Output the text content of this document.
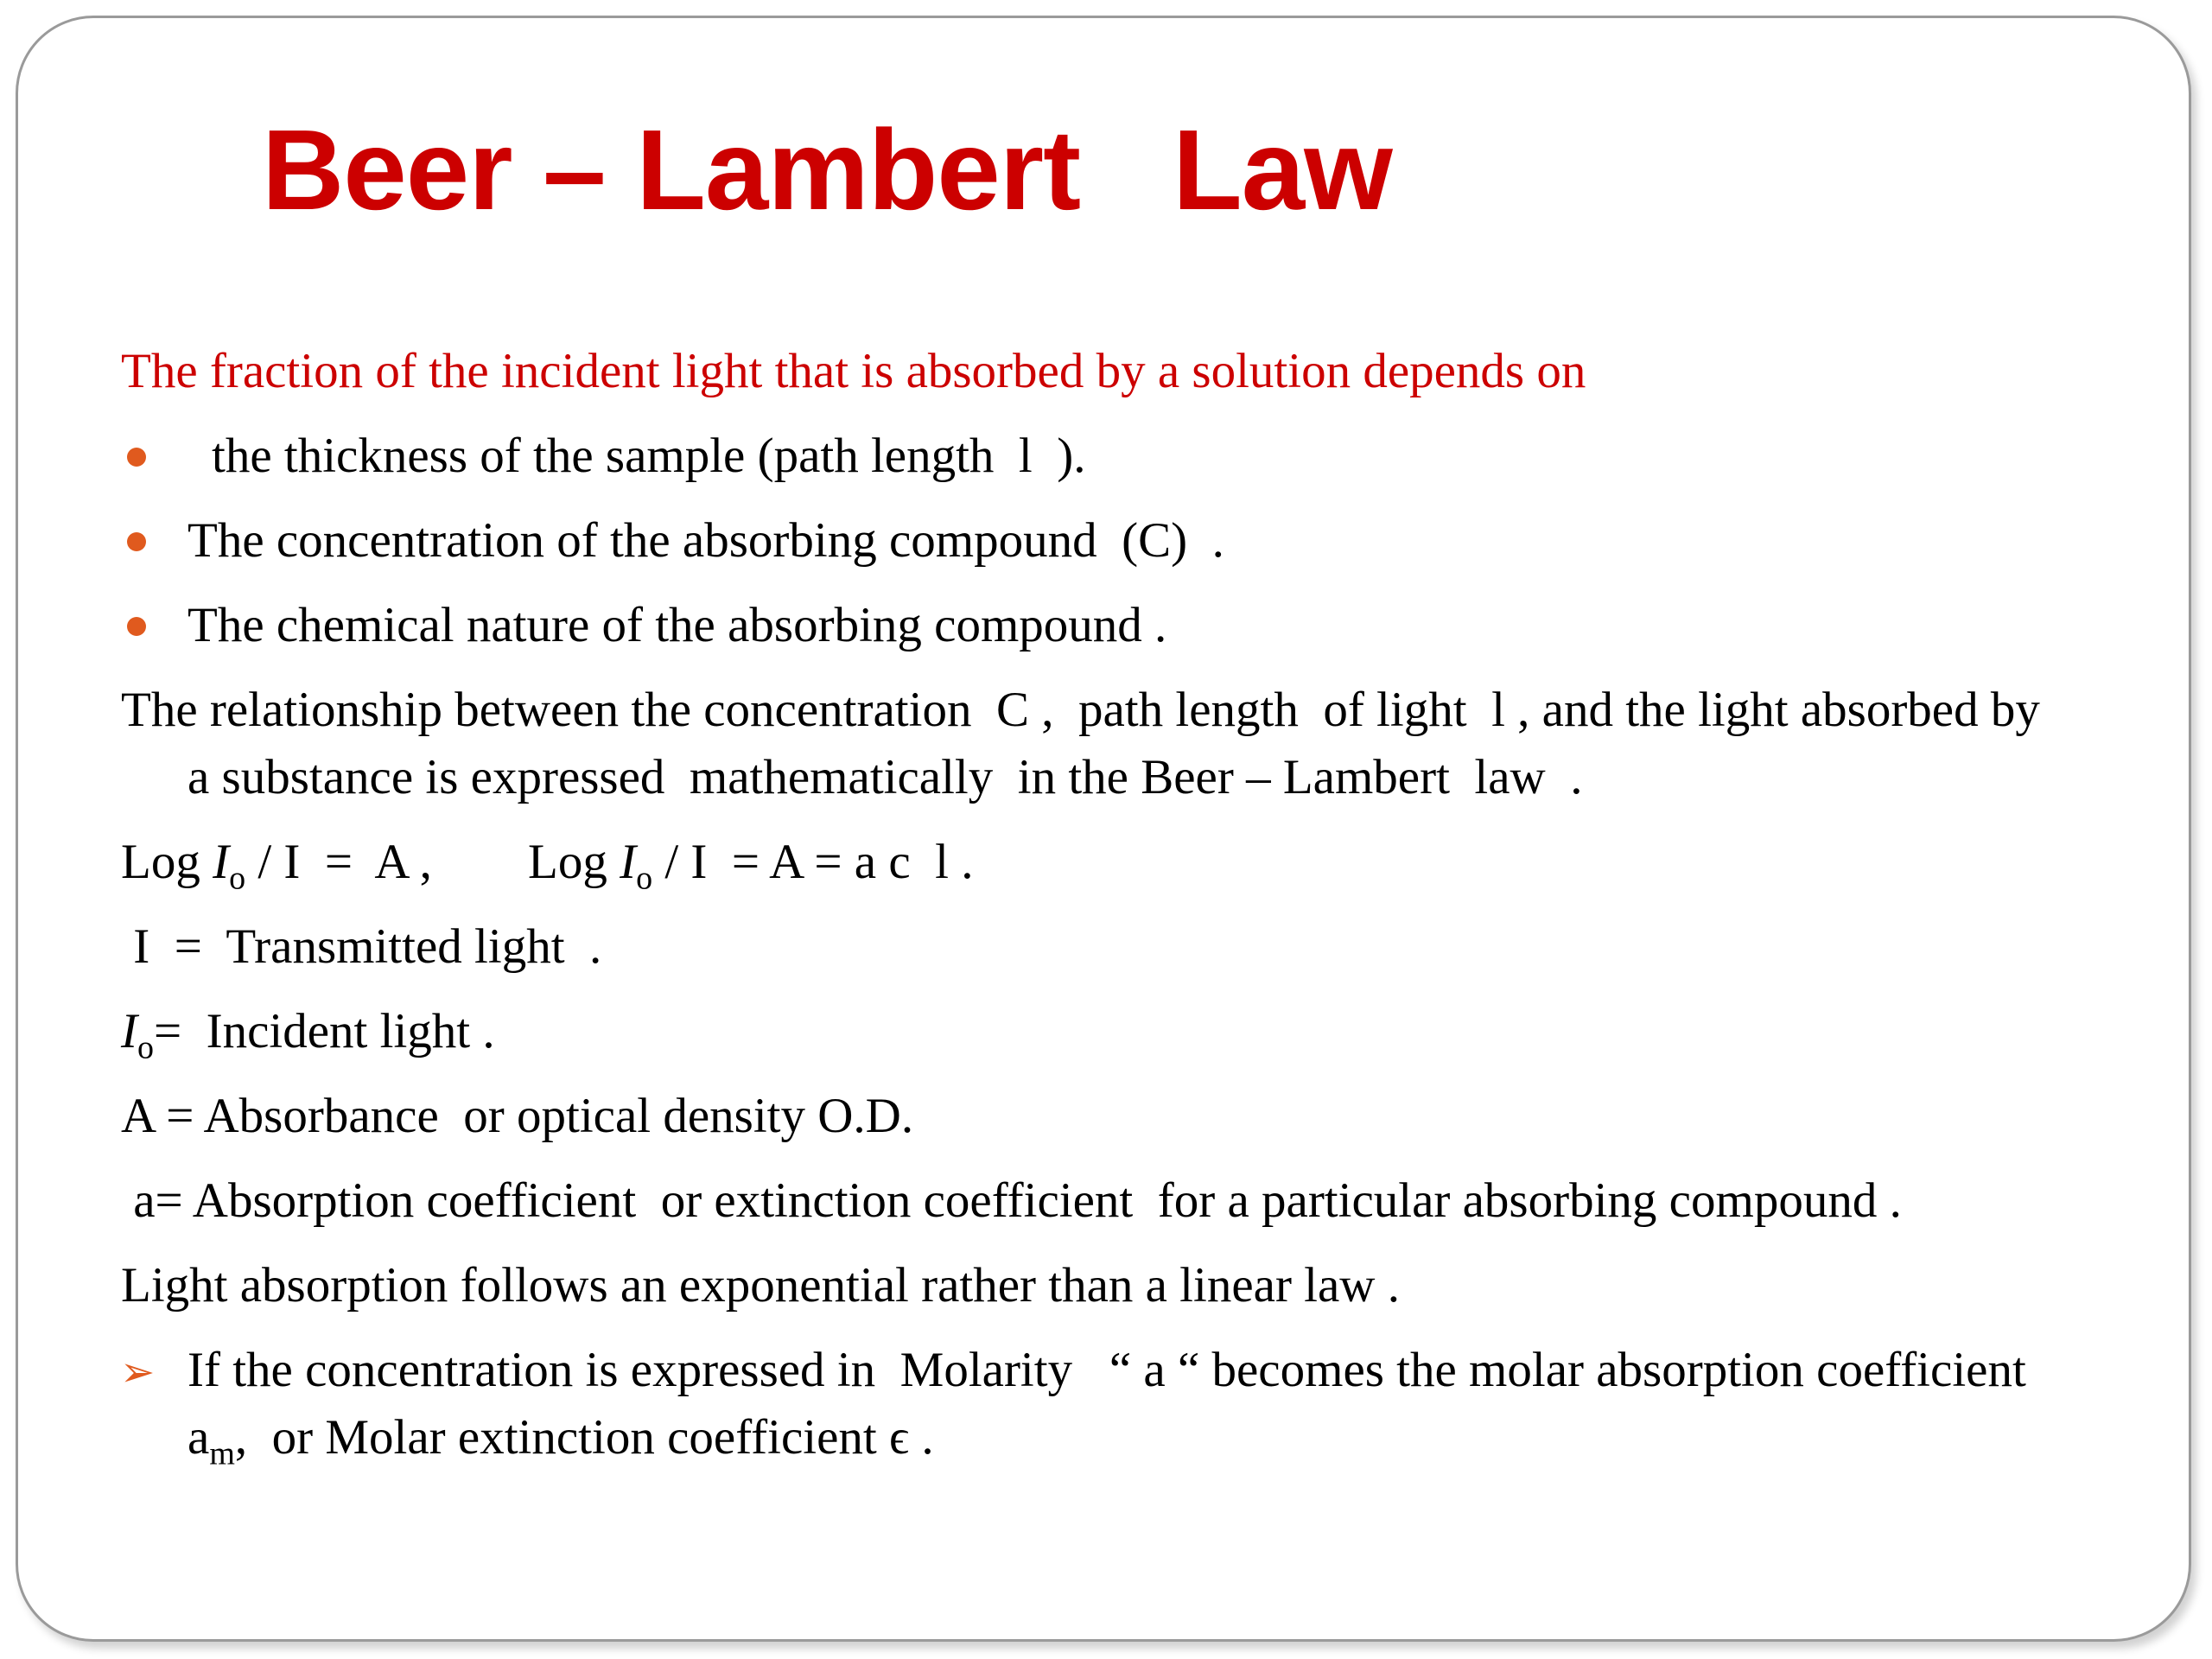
Beer – Lambert   Law
The fraction of the incident light that is absorbed by a solution depends on
the thickness of the sample (path length  l  ).
The concentration of the absorbing compound  (C)  .
The chemical nature of the absorbing compound .
The relationship between the concentration  C ,  path length  of light  l , and the light absorbed by
a substance is expressed  mathematically  in the Beer – Lambert  law  .
Log $I_o / I = A$ , Log $I_o / I = A = a$ c  l .
I  =  Transmitted light  .
$I_o=$  Incident light .
A = Absorbance  or optical density O.D.
a= Absorption coefficient  or extinction coefficient  for a particular absorbing compound .
Light absorption follows an exponential rather than a linear law .
➢ If the concentration is expressed in  Molarity   “ a “ becomes the molar absorption coefficient
$a_m$,  or Molar extinction coefficient ϵ .
